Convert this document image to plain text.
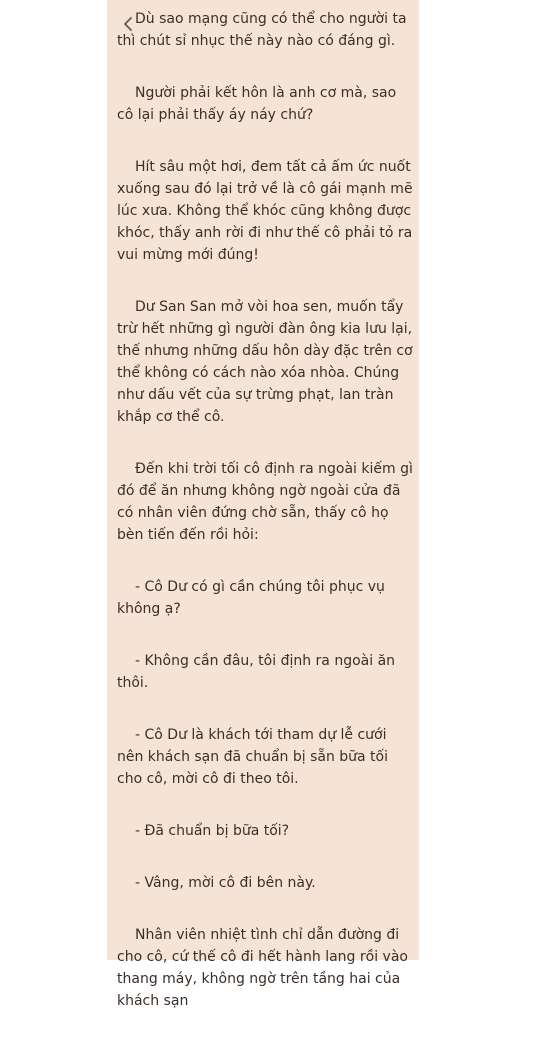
Dù sao mạng cũng có thể cho người ta thì chút sỉ nhục thế này nào có đáng gì.

Người phải kết hôn là anh cơ mà, sao cô lại phải thấy áy náy chứ?

Hít sâu một hơi, đem tất cả ấm ức nuốt xuống sau đó lại trở về là cô gái mạnh mẽ lúc xưa. Không thể khóc cũng không được khóc, thấy anh rời đi như thế cô phải tỏ ra vui mừng mới đúng!

Dư San San mở vòi hoa sen, muốn tẩy trừ hết những gì người đàn ông kia lưu lại, thế nhưng những dấu hôn dày đặc trên cơ thể không có cách nào xóa nhòa. Chúng như dấu vết của sự trừng phạt, lan tràn khắp cơ thể cô.

Đến khi trời tối cô định ra ngoài kiếm gì đó để ăn nhưng không ngờ ngoài cửa đã có nhân viên đứng chờ sẵn, thấy cô họ bèn tiến đến rồi hỏi:

- Cô Dư có gì cần chúng tôi phục vụ không ạ?

- Không cần đâu, tôi định ra ngoài ăn thôi.

- Cô Dư là khách tới tham dự lễ cưới nên khách sạn đã chuẩn bị sẵn bữa tối cho cô, mời cô đi theo tôi.

- Đã chuẩn bị bữa tối?

- Vâng, mời cô đi bên này.

Nhân viên nhiệt tình chỉ dẫn đường đi cho cô, cứ thế cô đi hết hành lang rồi vào thang máy, không ngờ trên tầng hai của khách sạn
